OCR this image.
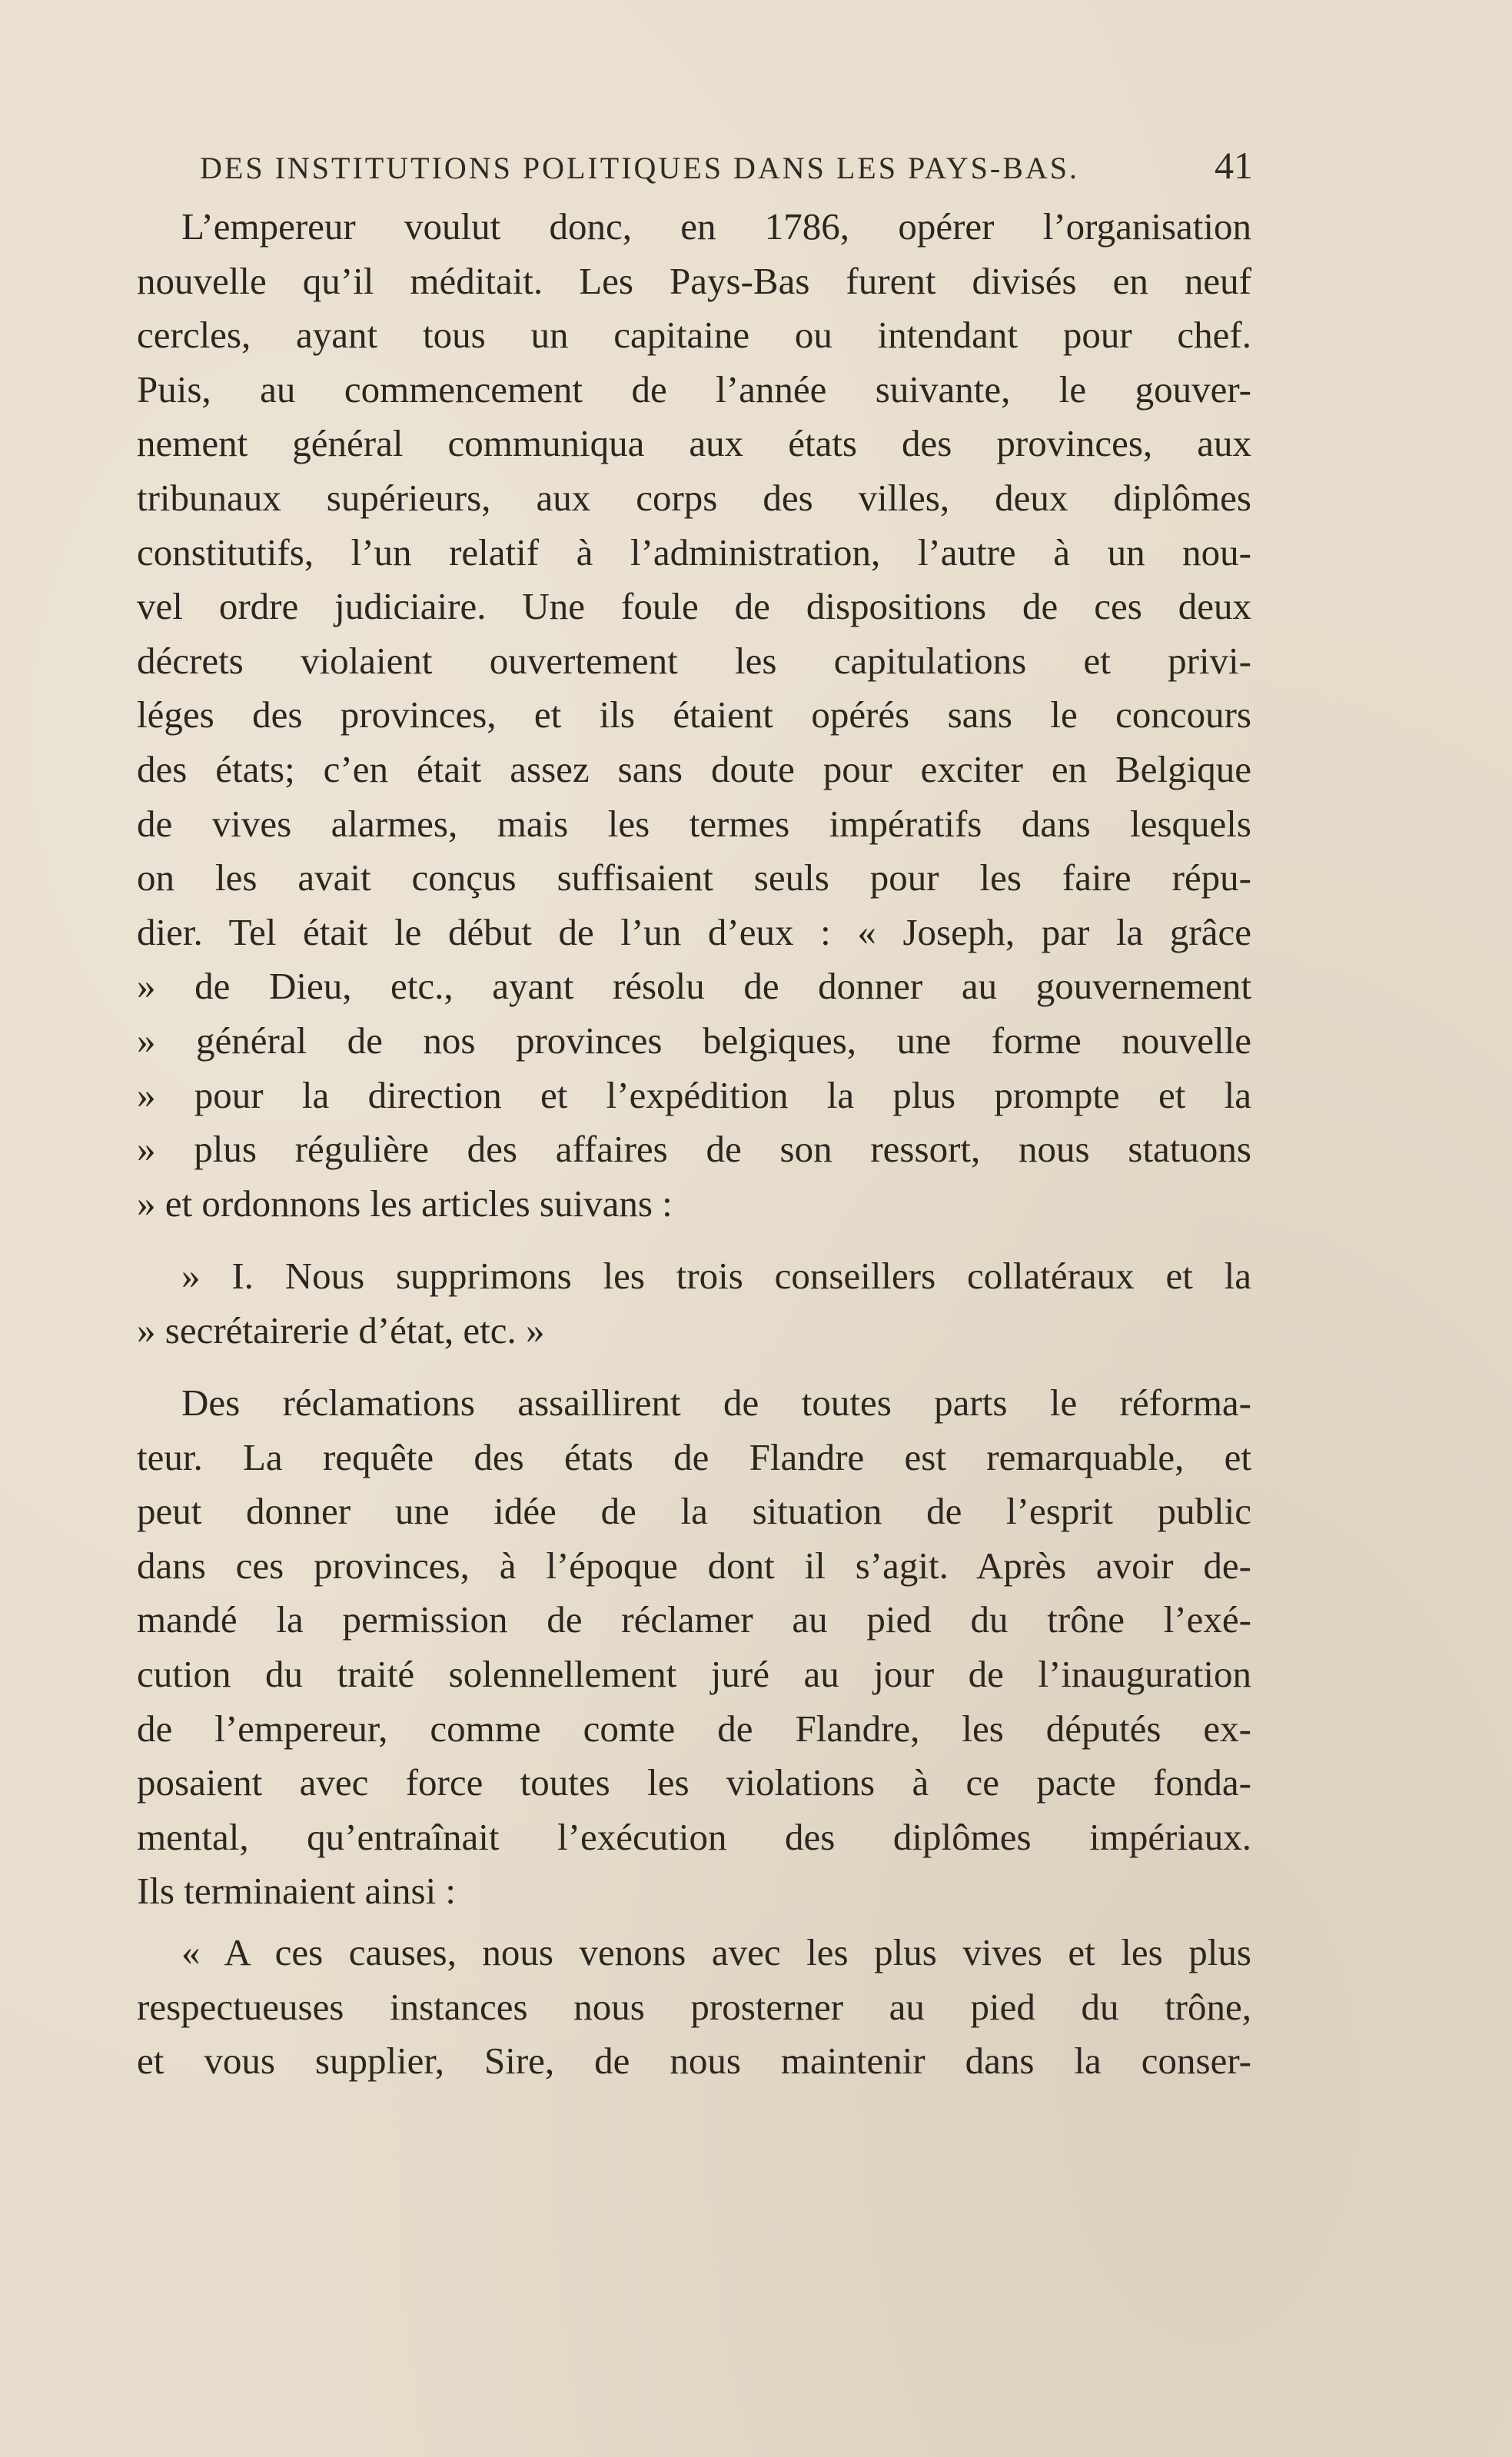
DES INSTITUTIONS POLITIQUES DANS LES PAYS-BAS.	41
L’empereur voulut donc, en 1786, opérer l’organisation
nouvelle qu’il méditait. Les Pays-Bas furent divisés en neuf
cercles, ayant tous un capitaine ou intendant pour chef.
Puis, au commencement de l’année suivante, le gouver-
nement général communiqua aux états des provinces, aux
tribunaux supérieurs, aux corps des villes, deux diplômes
constitutifs, l’un relatif à l’administration, l’autre à un nou-
vel ordre judiciaire. Une foule de dispositions de ces deux
décrets violaient ouvertement les capitulations et privi-
léges des provinces, et ils étaient opérés sans le concours
des états; c’en était assez sans doute pour exciter en Belgique
de vives alarmes, mais les termes impératifs dans lesquels
on les avait conçus suffisaient seuls pour les faire répu-
dier. Tel était le début de l’un d’eux : « Joseph, par la grâce
» de Dieu, etc., ayant résolu de donner au gouvernement
» général de nos provinces belgiques, une forme nouvelle
» pour la direction et l’expédition la plus prompte et la
» plus régulière des affaires de son ressort, nous statuons
» et ordonnons les articles suivans :
» I. Nous supprimons les trois conseillers collatéraux et la
» secrétairerie d’état, etc. »
Des réclamations assaillirent de toutes parts le réforma-
teur. La requête des états de Flandre est remarquable, et
peut donner une idée de la situation de l’esprit public
dans ces provinces, à l’époque dont il s’agit. Après avoir de-
mandé la permission de réclamer au pied du trône l’exé-
cution du traité solennellement juré au jour de l’inauguration
de l’empereur, comme comte de Flandre, les députés ex-
posaient avec force toutes les violations à ce pacte fonda-
mental, qu’entraînait l’exécution des diplômes impériaux.
Ils terminaient ainsi :
« A ces causes, nous venons avec les plus vives et les plus
respectueuses instances nous prosterner au pied du trône,
et vous supplier, Sire, de nous maintenir dans la conser-
